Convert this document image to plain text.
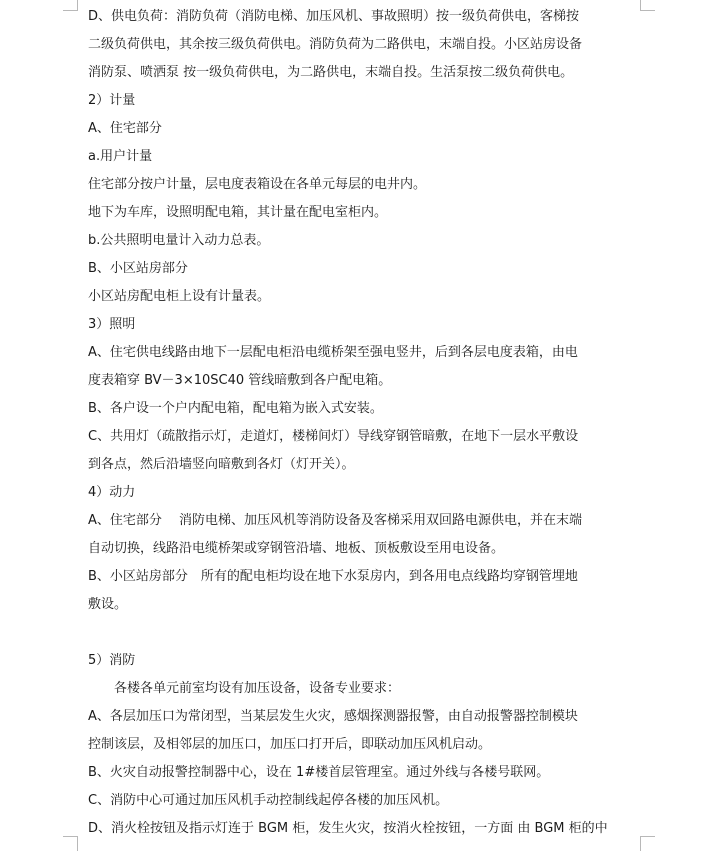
D、供电负荷：消防负荷（消防电梯、加压风机、事故照明）按一级负荷供电，客梯按
二级负荷供电，其余按三级负荷供电。消防负荷为二路供电，末端自投。小区站房设备
消防泵、喷洒泵 按一级负荷供电，为二路供电，末端自投。生活泵按二级负荷供电。
2）计量
A、住宅部分
a.用户计量
住宅部分按户计量，层电度表箱设在各单元每层的电井内。
地下为车库，设照明配电箱，其计量在配电室柜内。
b.公共照明电量计入动力总表。
B、小区站房部分
小区站房配电柜上设有计量表。
3）照明
A、住宅供电线路由地下一层配电柜沿电缆桥架至强电竖井，后到各层电度表箱，由电
度表箱穿 BV－3×10SC40 管线暗敷到各户配电箱。
B、各户设一个户内配电箱，配电箱为嵌入式安装。
C、共用灯（疏散指示灯，走道灯，楼梯间灯）导线穿钢管暗敷，在地下一层水平敷设
到各点，然后沿墙竖向暗敷到各灯（灯开关）。
4）动力
A、住宅部分　 消防电梯、加压风机等消防设备及客梯采用双回路电源供电，并在末端
自动切换，线路沿电缆桥架或穿钢管沿墙、地板、顶板敷设至用电设备。
B、小区站房部分　所有的配电柜均设在地下水泵房内，到各用电点线路均穿钢管埋地
敷设。
5）消防
各楼各单元前室均设有加压设备，设备专业要求：
A、各层加压口为常闭型，当某层发生火灾，感烟探测器报警，由自动报警器控制模块
控制该层，及相邻层的加压口，加压口打开后，即联动加压风机启动。
B、火灾自动报警控制器中心，设在 1#楼首层管理室。通过外线与各楼号联网。
C、消防中心可通过加压风机手动控制线起停各楼的加压风机。
D、消火栓按钮及指示灯连于 BGM 柜，发生火灾，按消火栓按钮，一方面 由 BGM 柜的中
